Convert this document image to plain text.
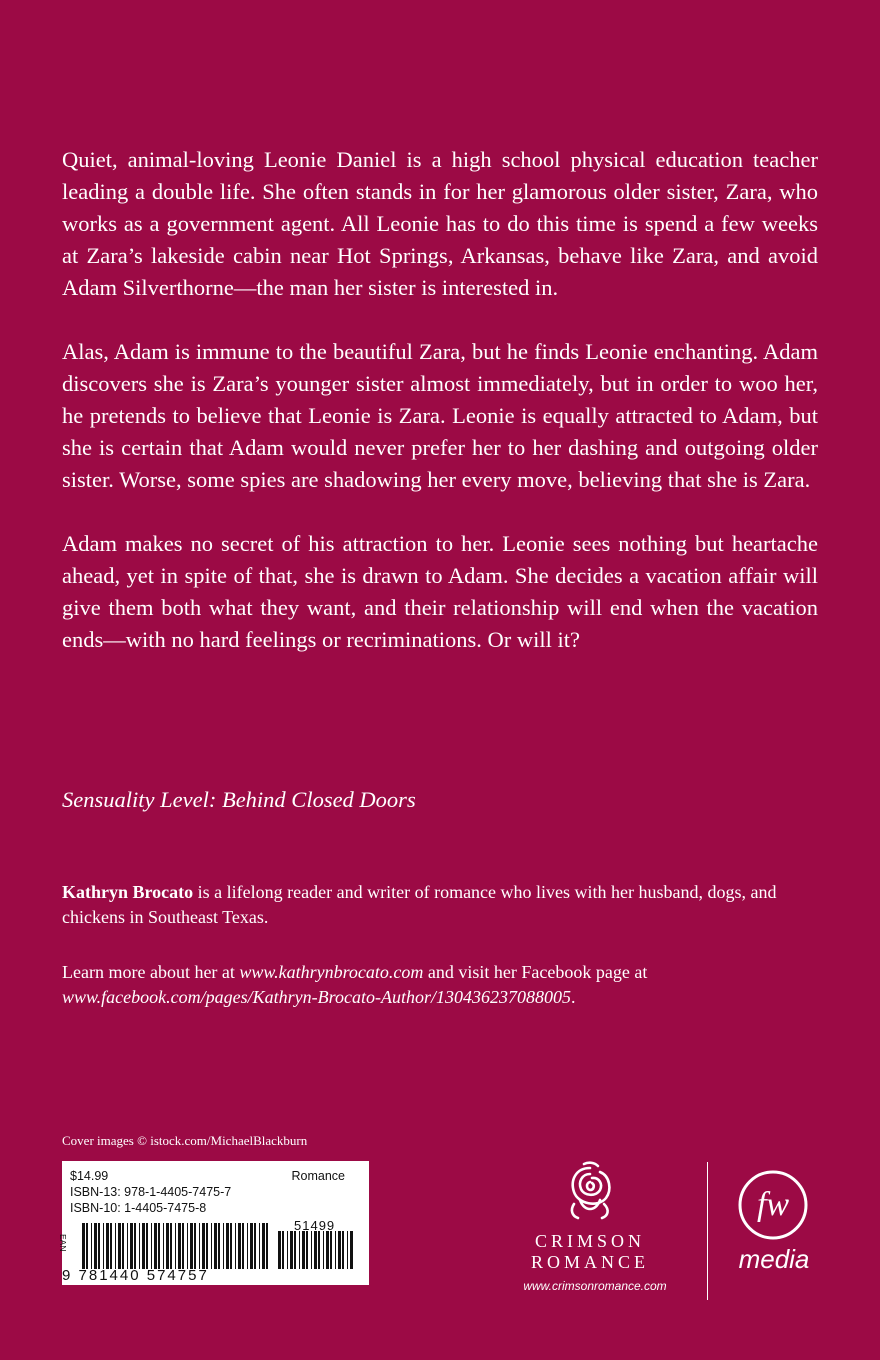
Quiet, animal-loving Leonie Daniel is a high school physical education teacher leading a double life. She often stands in for her glamorous older sister, Zara, who works as a government agent. All Leonie has to do this time is spend a few weeks at Zara’s lakeside cabin near Hot Springs, Arkansas, behave like Zara, and avoid Adam Silverthorne—the man her sister is interested in.

Alas, Adam is immune to the beautiful Zara, but he finds Leonie enchanting. Adam discovers she is Zara’s younger sister almost immediately, but in order to woo her, he pretends to believe that Leonie is Zara. Leonie is equally attracted to Adam, but she is certain that Adam would never prefer her to her dashing and outgoing older sister. Worse, some spies are shadowing her every move, believing that she is Zara.

Adam makes no secret of his attraction to her. Leonie sees nothing but heartache ahead, yet in spite of that, she is drawn to Adam. She decides a vacation affair will give them both what they want, and their relationship will end when the vacation ends—with no hard feelings or recriminations. Or will it?

Sensuality Level: Behind Closed Doors
Kathryn Brocato is a lifelong reader and writer of romance who lives with her husband, dogs, and chickens in Southeast Texas.
Learn more about her at www.kathrynbrocato.com and visit her Facebook page at www.facebook.com/pages/Kathryn-Brocato-Author/130436237088005.
Cover images © istock.com/MichaelBlackburn
$14.99	Romance
ISBN-13: 978-1-4405-7475-7
ISBN-10: 1-4405-7475-8
EAN
51499
9 781440 574757
CRIMSON ROMANCE
www.crimsonromance.com
fw
media
